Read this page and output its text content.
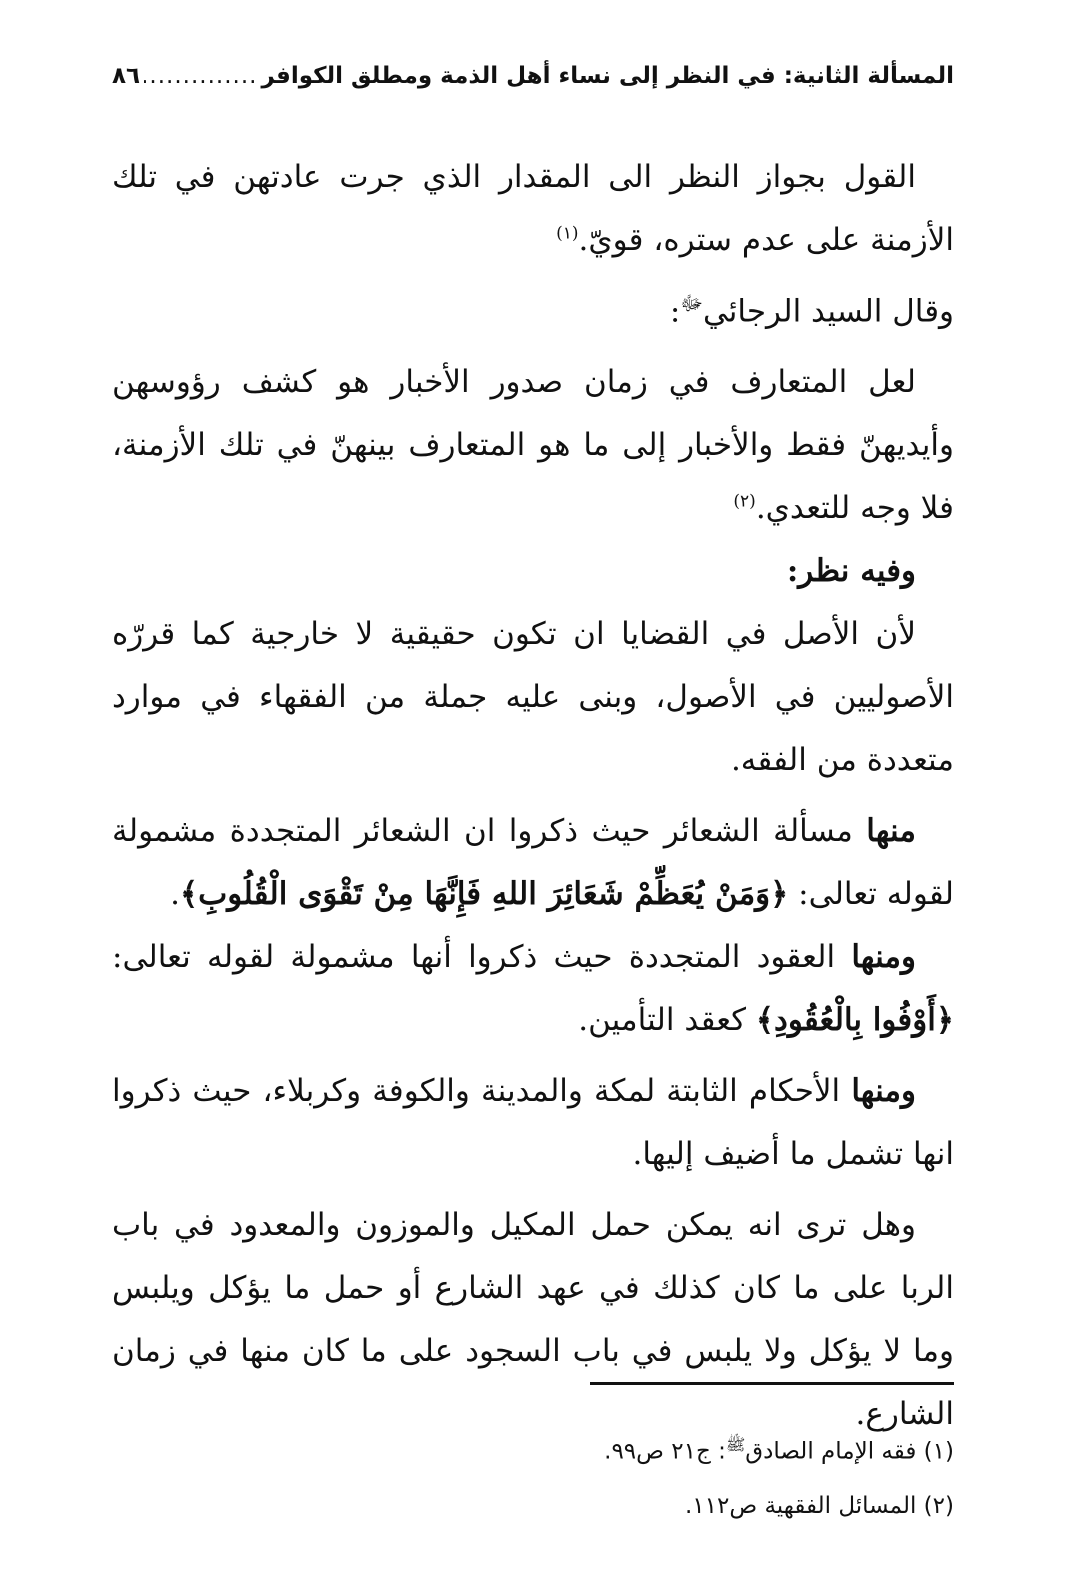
المسألة الثانية: في النظر إلى نساء أهل الذمة ومطلق الكوافر
.....
٨٦

القول بجواز النظر الى المقدار الذي جرت عادتهن في تلك الأزمنة على عدم ستره، قويّ.$^{(١)}$

وقال السيد الرجائي$^ﷻ$:

لعل المتعارف في زمان صدور الأخبار هو كشف رؤوسهن وأيديهنّ فقط والأخبار إلى ما هو المتعارف بينهنّ في تلك الأزمنة، فلا وجه للتعدي.$^{(٢)}$

وفيه نظر:

لأن الأصل في القضايا ان تكون حقيقية لا خارجية كما قررّه الأصوليين في الأصول، وبنى عليه جملة من الفقهاء في موارد متعددة من الفقه.

منها مسألة الشعائر حيث ذكروا ان الشعائر المتجددة مشمولة لقوله تعالى: ﴿وَمَنْ يُعَظِّمْ شَعَائِرَ اللهِ فَإِنَّهَا مِنْ تَقْوَى الْقُلُوبِ﴾.

ومنها العقود المتجددة حيث ذكروا أنها مشمولة لقوله تعالى: ﴿أَوْفُوا بِالْعُقُودِ﴾ كعقد التأمين.

ومنها الأحكام الثابتة لمكة والمدينة والكوفة وكربلاء، حيث ذكروا انها تشمل ما أضيف إليها.

وهل ترى انه يمكن حمل المكيل والموزون والمعدود في باب الربا على ما كان كذلك في عهد الشارع أو حمل ما يؤكل ويلبس وما لا يؤكل ولا يلبس في باب السجود على ما كان منها في زمان الشارع.

(١) فقه الإمام الصادق$^ﷺ$: ج٢١ ص٩٩.

(٢) المسائل الفقهية ص١١٢.
